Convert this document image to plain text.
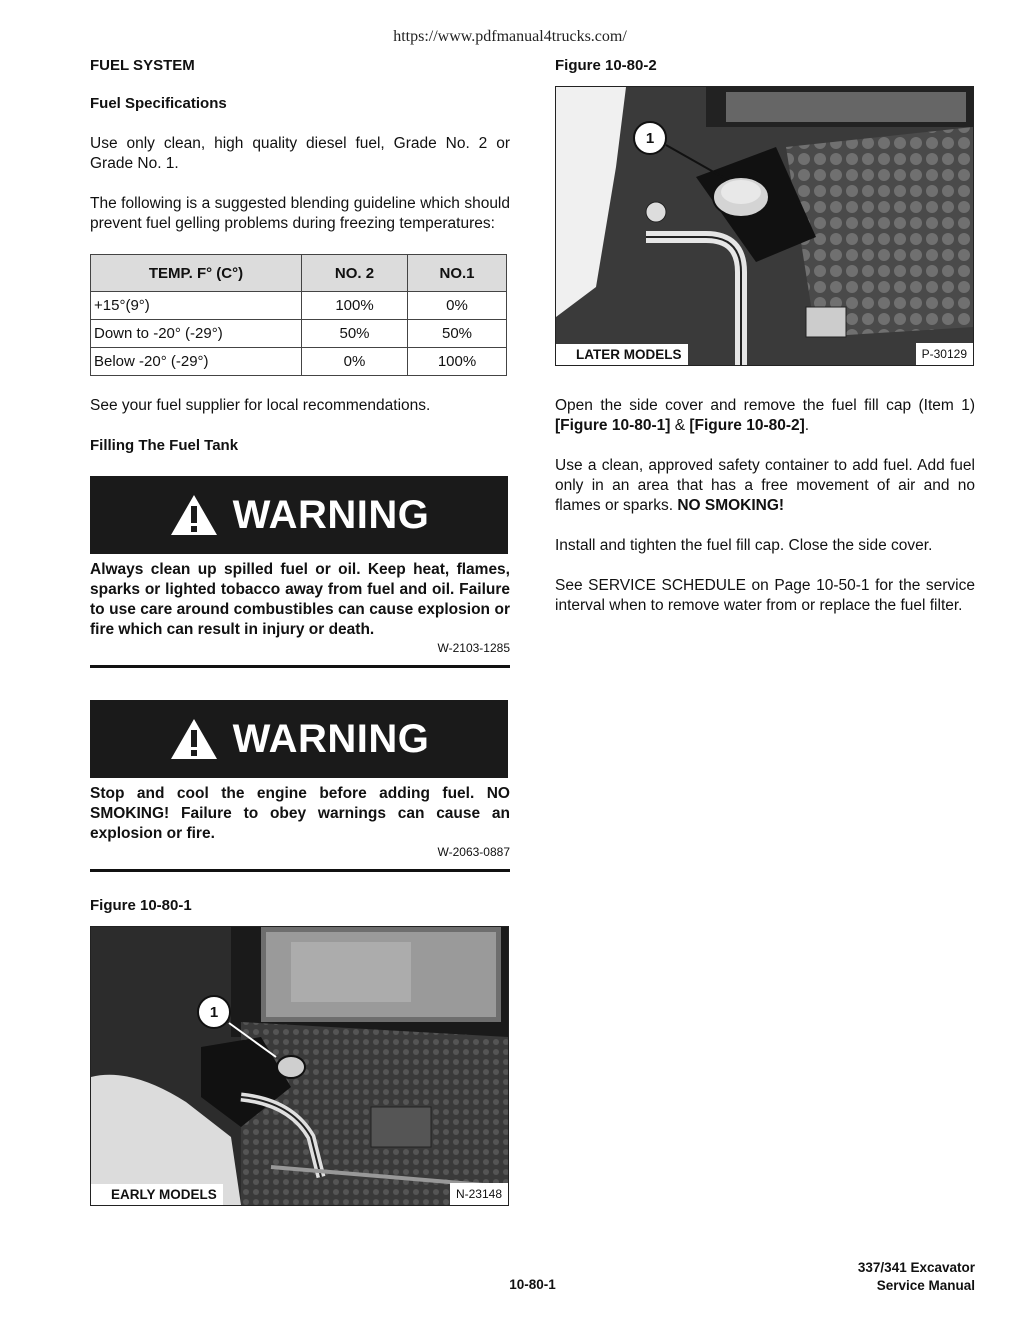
https://www.pdfmanual4trucks.com/
FUEL SYSTEM
Fuel Specifications

Use only clean, high quality diesel fuel, Grade No. 2 or Grade No. 1.

The following is a suggested blending guideline which should prevent fuel gelling problems during freezing temperatures:

TEMP. F° (C°)	NO. 2	NO.1
+15°(9°)	100%	0%
Down to -20° (-29°)	50%	50%
Below -20° (-29°)	0%	100%

See your fuel supplier for local recommendations.

Filling The Fuel Tank
WARNING
Always clean up spilled fuel or oil. Keep heat, flames, sparks or lighted tobacco away from fuel and oil. Failure to use care around combustibles can cause explosion or fire which can result in injury or death.
W-2103-1285
WARNING
Stop and cool the engine before adding fuel. NO SMOKING! Failure to obey warnings can cause an explosion or fire.
W-2063-0887
Figure 10-80-1
1
EARLY MODELS	N-23148
Figure 10-80-2
1
LATER MODELS	P-30129

Open the side cover and remove the fuel fill cap (Item 1) [Figure 10-80-1] & [Figure 10-80-2].

Use a clean, approved safety container to add fuel. Add fuel only in an area that has a free movement of air and no flames or sparks. NO SMOKING!

Install and tighten the fuel fill cap. Close the side cover.

See SERVICE SCHEDULE on Page 10-50-1 for the service interval when to remove water from or replace the fuel filter.

10-80-1
337/341 Excavator
Service Manual
